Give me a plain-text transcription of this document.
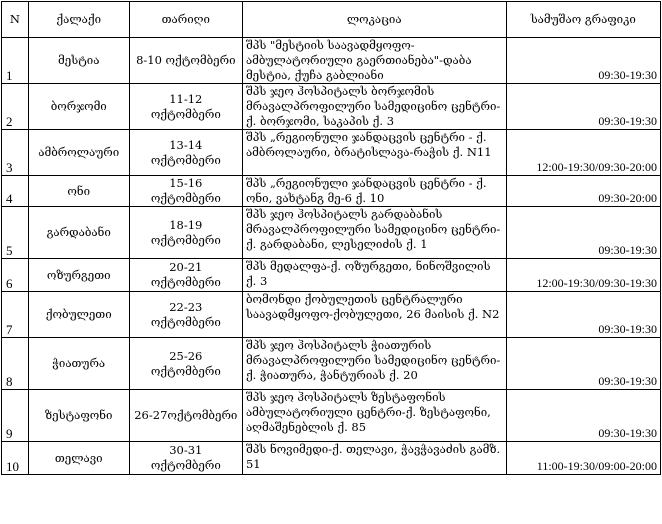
N	ქალაქი	თარიღი	ლოკაცია	სამუშაო გრაფიკი
1	მესტია	8-10 ოქტომბერი	შპს "მესტიის საავადმყოფო-ამბულატორიული გაერთიანება"-დაბა მესტია, ქუჩა გაბლიანი	09:30-19:30
2	ბორჯომი	11-12 ოქტომბერი	შპს ჯეო ჰოსპიტალს ბორჯომის მრავალპროფილური სამედიცინო ცენტრი-ქ. ბორჯომი, საკაპის ქ. 3	09:30-19:30
3	ამბროლაური	13-14 ოქტომბერი	შპს „რეგიონული ჯანდაცვის ცენტრი - ქ. ამბროლაური, ბრატისლავა-რაჭის ქ. N11	12:00-19:30/09:30-20:00
4	ონი	15-16 ოქტომბერი	შპს „რეგიონული ჯანდაცვის ცენტრი - ქ. ონი, ვახტანგ მე-6 ქ. 10	09:30-20:00
5	გარდაბანი	18-19 ოქტომბერი	შპს ჯეო ჰოსპიტალს გარდაბანის მრავალპროფილური სამედიცინო ცენტრი-ქ. გარდაბანი, ლესელიძის ქ. 1	09:30-19:30
6	ოზურგეთი	20-21 ოქტომბერი	შპს მედალფა-ქ. ოზურგეთი, ნინოშვილის ქ. 3	12:00-19:30/09:30-19:30
7	ქობულეთი	22-23 ოქტომბერი	ბომონდი ქობულეთის ცენტრალური საავადმყოფო-ქობულეთი, 26 მაისის ქ. N2	09:30-19:30
8	ჭიათურა	25-26 ოქტომბერი	შპს ჯეო ჰოსპიტალს ჭიათურის მრავალპროფილური სამედიცინო ცენტრი-ქ. ჭიათურა, ჭანტურიას ქ. 20	09:30-19:30
9	ზესტაფონი	26-27ოქტომბერი	შპს ჯეო ჰოსპიტალს ზესტაფონის ამბულატორიული ცენტრი-ქ. ზესტაფონი, აღმაშენებლის ქ. 85	09:30-19:30
10	თელავი	30-31 ოქტომბერი	შპს ნოვიმედი-ქ. თელავი, ჭავჭავაძის გამზ. 51	11:00-19:30/09:00-20:00
